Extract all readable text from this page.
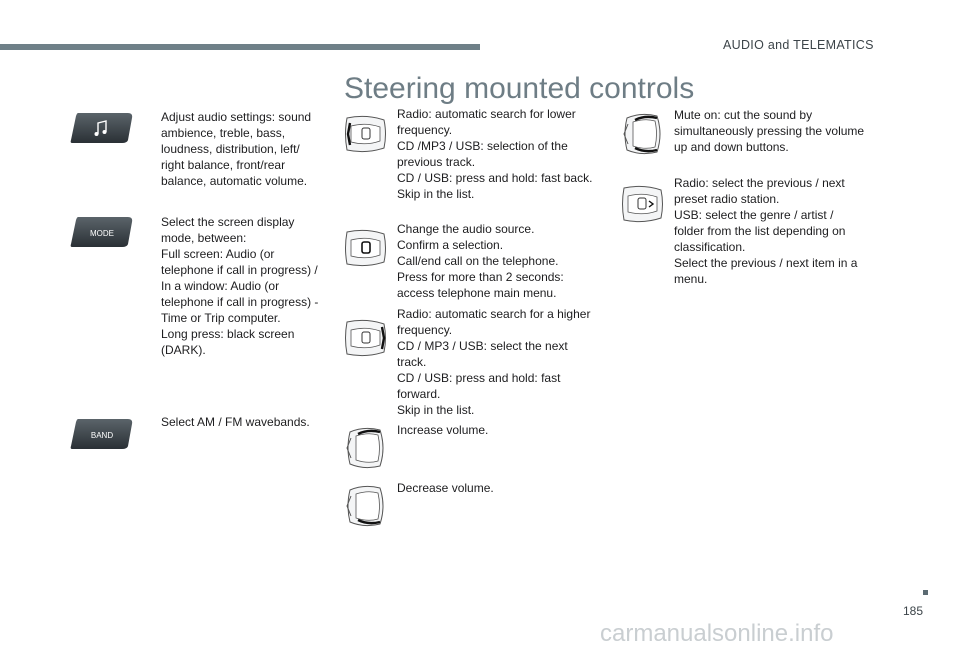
AUDIO and TELEMATICS
Steering mounted controls
MODE
BAND
Adjust audio settings: sound
ambience, treble, bass,
loudness, distribution, left/
right balance, front/rear
balance, automatic volume.
Select the screen display
mode, between:
Full screen: Audio (or
telephone if call in progress) /
In a window: Audio (or
telephone if call in progress) -
Time or Trip computer.
Long press: black screen
(DARK).
Select AM / FM wavebands.
Radio: automatic search for lower
frequency.
CD /MP3 / USB: selection of the
previous track.
CD / USB: press and hold: fast back.
Skip in the list.
Change the audio source.
Confirm a selection.
Call/end call on the telephone.
Press for more than 2 seconds:
access telephone main menu.
Radio: automatic search for a higher
frequency.
CD / MP3 / USB: select the next
track.
CD / USB: press and hold: fast
forward.
Skip in the list.
Increase volume.
Decrease volume.
Mute on: cut the sound by
simultaneously pressing the volume
up and down buttons.
Radio: select the previous / next
preset radio station.
USB: select the genre / artist /
folder from the list depending on
classification.
Select the previous / next item in a
menu.
185
carmanualsonline.info
